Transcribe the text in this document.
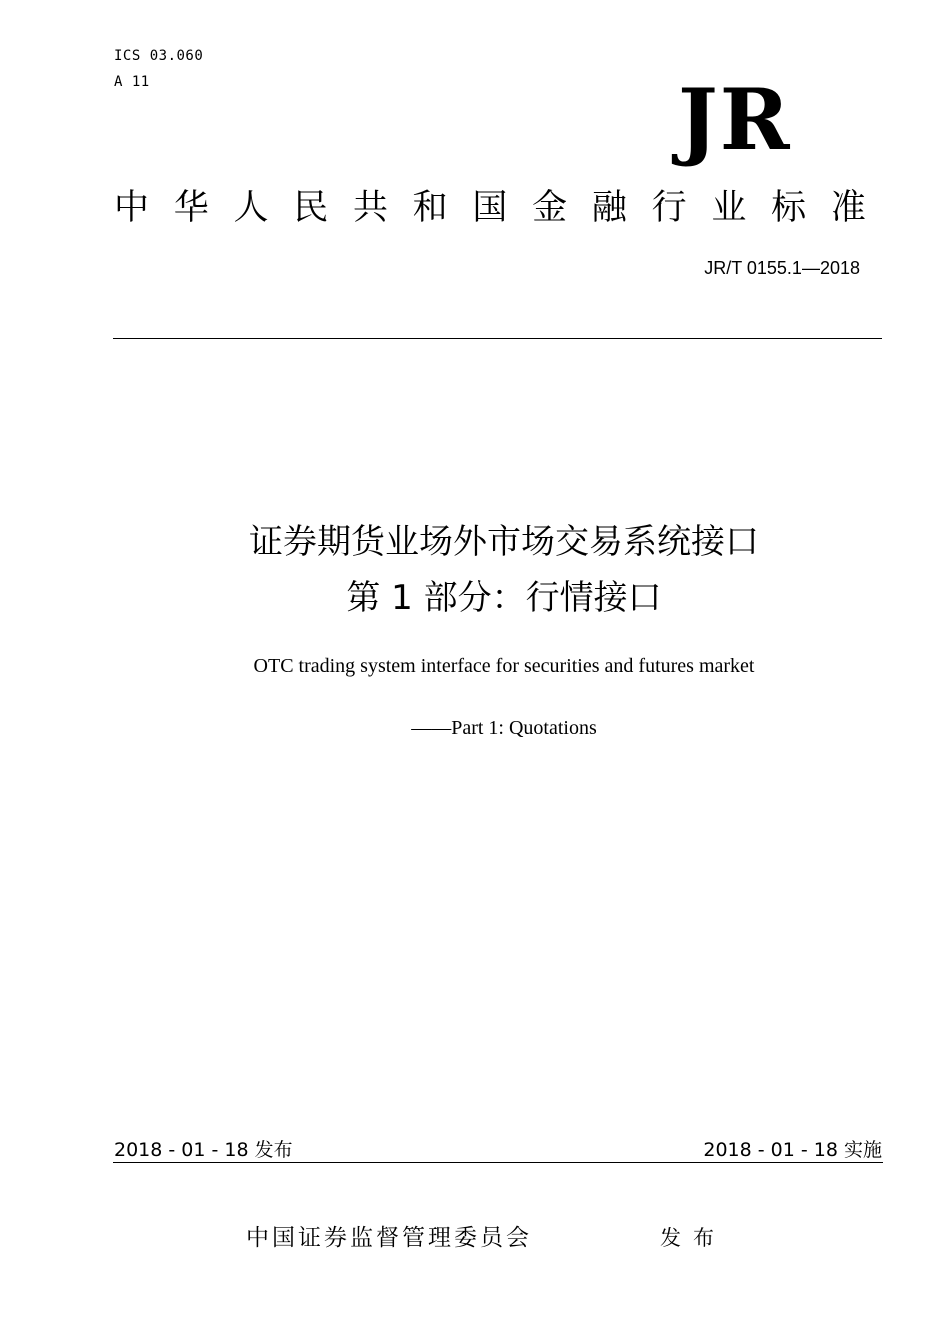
ICS 03.060
A 11	JR
中 华 人 民 共 和 国 金 融 行 业 标 准
JR/T 0155.1—2018
证券期货业场外市场交易系统接口
第 1 部分：行情接口
OTC trading system interface for securities and futures market
——Part 1: Quotations
2018 - 01 - 18 发布	2018 - 01 - 18 实施
中国证券监督管理委员会	发布
